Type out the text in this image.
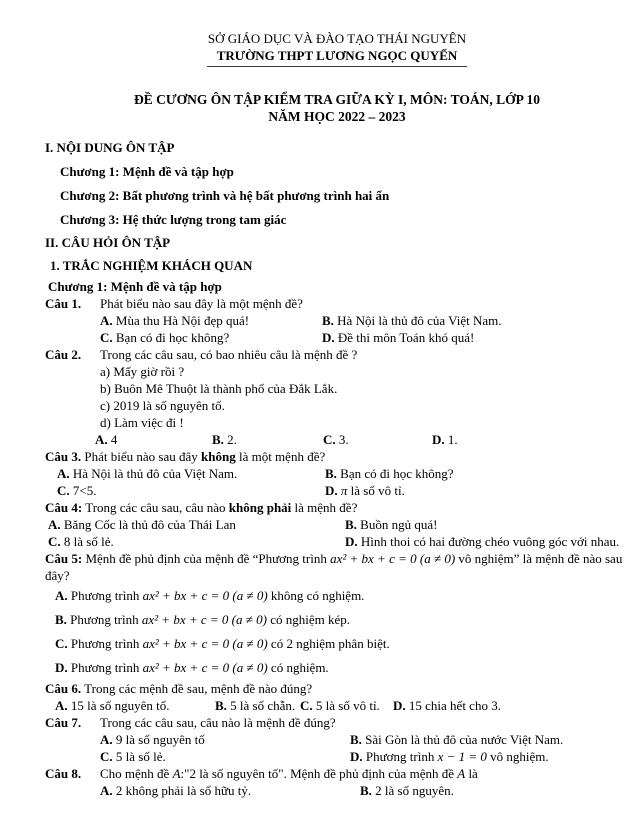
SỞ GIÁO DỤC VÀ ĐÀO TẠO THÁI NGUYÊN
TRƯỜNG THPT LƯƠNG NGỌC QUYẾN
ĐỀ CƯƠNG ÔN TẬP KIỂM TRA GIỮA KỲ I, MÔN: TOÁN, LỚP 10
NĂM HỌC 2022 – 2023
I. NỘI DUNG ÔN TẬP
Chương 1: Mệnh đề và tập hợp
Chương 2: Bất phương trình và hệ bất phương trình hai ẩn
Chương 3: Hệ thức lượng trong tam giác
II. CÂU HỎI ÔN TẬP
1. TRẮC NGHIỆM KHÁCH QUAN
Chương 1: Mệnh đề và tập hợp
Câu 1. Phát biểu nào sau đây là một mệnh đề?
A. Mùa thu Hà Nội đẹp quá!	B. Hà Nội là thủ đô của Việt Nam.
C. Bạn có đi học không?	D. Đề thi môn Toán khó quá!
Câu 2. Trong các câu sau, có bao nhiêu câu là mệnh đề ?
a) Mấy giờ rồi ?
b) Buôn Mê Thuột là thành phố của Đắk Lắk.
c) 2019 là số nguyên tố.
d) Làm việc đi !
A. 4	B. 2.	C. 3.	D. 1.
Câu 3. Phát biểu nào sau đây không là một mệnh đề?
A. Hà Nội là thủ đô của Việt Nam.	B. Bạn có đi học không?
C. 7<5.	D. π là số vô tỉ.
Câu 4: Trong các câu sau, câu nào không phải là mệnh đề?
A. Băng Cốc là thủ đô của Thái Lan	B. Buồn ngủ quá!
C. 8 là số lẻ.	D. Hình thoi có hai đường chéo vuông góc với nhau.
Câu 5: Mệnh đề phủ định của mệnh đề “Phương trình ax² + bx + c = 0 (a ≠ 0) vô nghiệm” là mệnh đề nào sau đây?
A. Phương trình ax² + bx + c = 0 (a ≠ 0) không có nghiệm.
B. Phương trình ax² + bx + c = 0 (a ≠ 0) có nghiệm kép.
C. Phương trình ax² + bx + c = 0 (a ≠ 0) có 2 nghiệm phân biệt.
D. Phương trình ax² + bx + c = 0 (a ≠ 0) có nghiệm.
Câu 6. Trong các mệnh đề sau, mệnh đề nào đúng?
A. 15 là số nguyên tố.	B. 5 là số chẵn. C. 5 là số vô tỉ.	D. 15 chia hết cho 3.
Câu 7. Trong các câu sau, câu nào là mệnh đề đúng?
A. 9 là số nguyên tố	B. Sài Gòn là thủ đô của nước Việt Nam.
C. 5 là số lẻ.	D. Phương trình x − 1 = 0 vô nghiệm.
Câu 8. Cho mệnh đề A:"2 là số nguyên tố". Mệnh đề phủ định của mệnh đề A là
A. 2 không phải là số hữu tỷ.	B. 2 là số nguyên.
